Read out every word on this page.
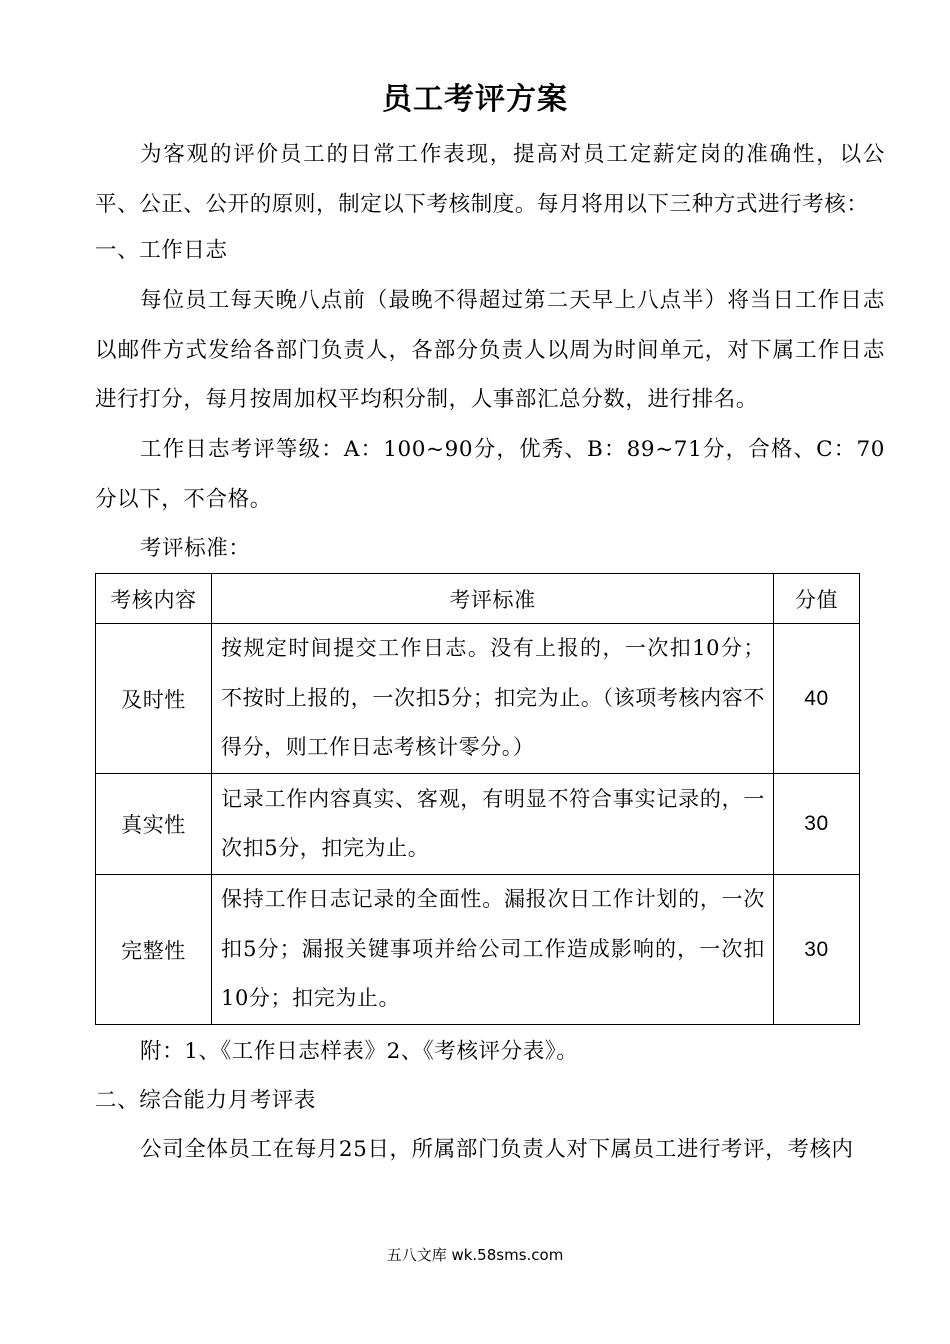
员工考评方案
为客观的评价员工的日常工作表现，提高对员工定薪定岗的准确性，以公平、公正、公开的原则，制定以下考核制度。每月将用以下三种方式进行考核：
一、工作日志
每位员工每天晚八点前（最晚不得超过第二天早上八点半）将当日工作日志以邮件方式发给各部门负责人，各部分负责人以周为时间单元，对下属工作日志进行打分，每月按周加权平均积分制，人事部汇总分数，进行排名。
工作日志考评等级：A：100~90分，优秀、B：89~71分，合格、C：70分以下，不合格。
考评标准：
考核内容	考评标准	分值
及时性	按规定时间提交工作日志。没有上报的，一次扣10分；不按时上报的，一次扣5分；扣完为止。（该项考核内容不得分，则工作日志考核计零分。）	40
真实性	记录工作内容真实、客观，有明显不符合事实记录的，一次扣5分，扣完为止。	30
完整性	保持工作日志记录的全面性。漏报次日工作计划的，一次扣5分；漏报关键事项并给公司工作造成影响的，一次扣10分；扣完为止。	30
附：1、《工作日志样表》2、《考核评分表》。
二、综合能力月考评表
公司全体员工在每月25日，所属部门负责人对下属员工进行考评，考核内
五八文库 wk.58sms.com
